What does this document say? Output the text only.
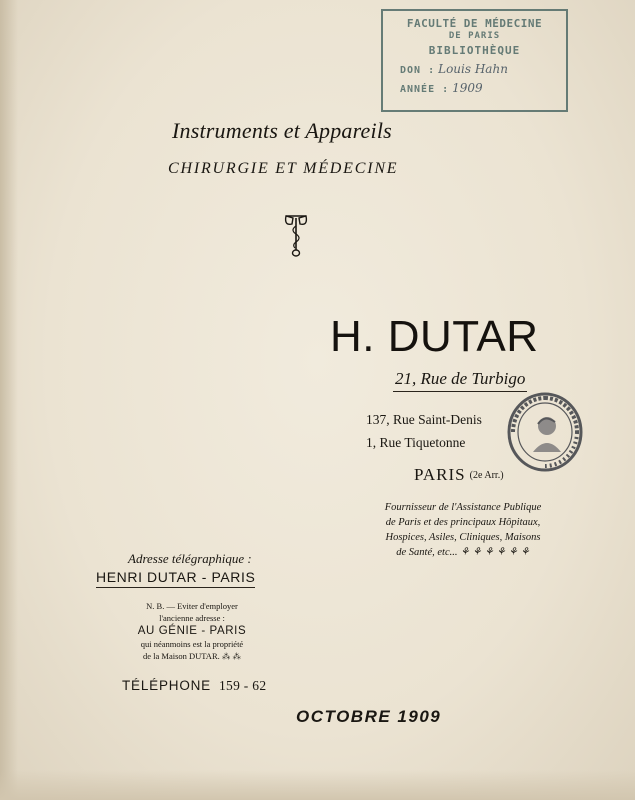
FACULTÉ DE MÉDECINE
DE PARIS
BIBLIOTHÈQUE
DON : Louis Hahn
ANNÉE : 1909
Instruments et Appareils
CHIRURGIE ET MÉDECINE
H. DUTAR
21, Rue de Turbigo
137, Rue Saint-Denis
1, Rue Tiquetonne
PARIS (2e Arr.)
Fournisseur de l'Assistance Publique
de Paris et des principaux Hôpitaux,
Hospices, Asiles, Cliniques, Maisons
de Santé, etc... ⚘ ⚘ ⚘ ⚘ ⚘ ⚘
Adresse télégraphique :
HENRI DUTAR - PARIS
N. B. — Eviter d'employer
l'ancienne adresse :
AU GÉNIE - PARIS
qui néanmoins est la propriété
de la Maison DUTAR. ⁂ ⁂
TÉLÉPHONE 159 - 62
OCTOBRE 1909
